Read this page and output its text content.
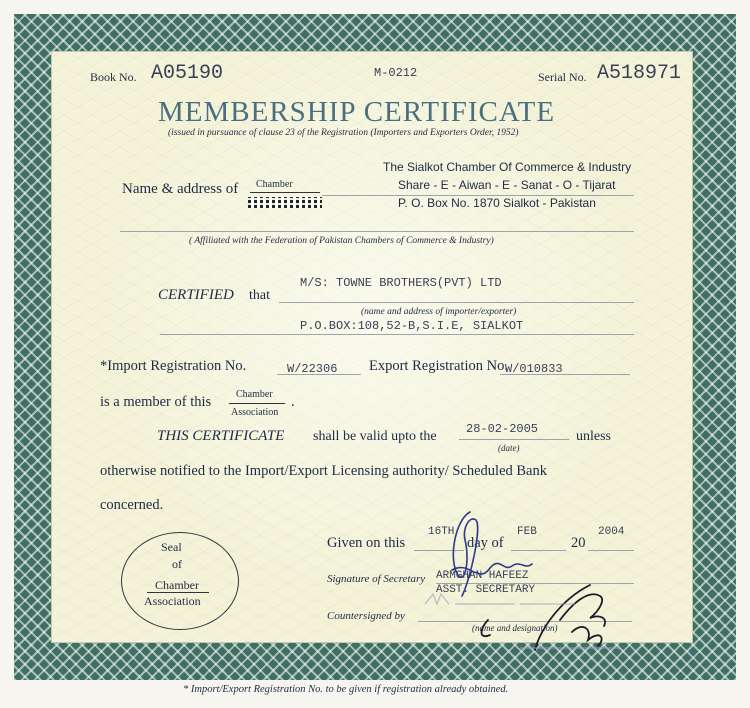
Book No. A05190	M-0212	Serial No. A518971
MEMBERSHIP CERTIFICATE
(issued in pursuance of clause 23 of the Registration (Importers and Exporters Order, 1952)
Name & address of Chamber
The Sialkot Chamber Of Commerce & Industry
Share - E - Aiwan - E - Sanat - O - Tijarat
P. O. Box No. 1870 Sialkot - Pakistan
( Affiliated with the Federation of Pakistan Chambers of Commerce & Industry)
M/S: TOWNE BROTHERS(PVT) LTD
CERTIFIED that
(name and address of importer/exporter)
P.O.BOX:108,52-B,S.I.E, SIALKOT
*Import Registration No.	W/22306 Export Registration No.
W/010833
is a member of this Chamber
Association
.
THIS CERTIFICATE shall be valid upto the 28-02-2005
(date)
unless
otherwise notified to the Import/Export Licensing authority/ Scheduled Bank
concerned.
Seal
of
Chamber
Association
Given on this
16TH
day of
FEB
20
2004
Signature of Secretary ARMGHAN HAFEEZ
ASST. SECRETARY
Countersigned by
(name and designation)
* Import/Export Registration No. to be given if registration already obtained.
